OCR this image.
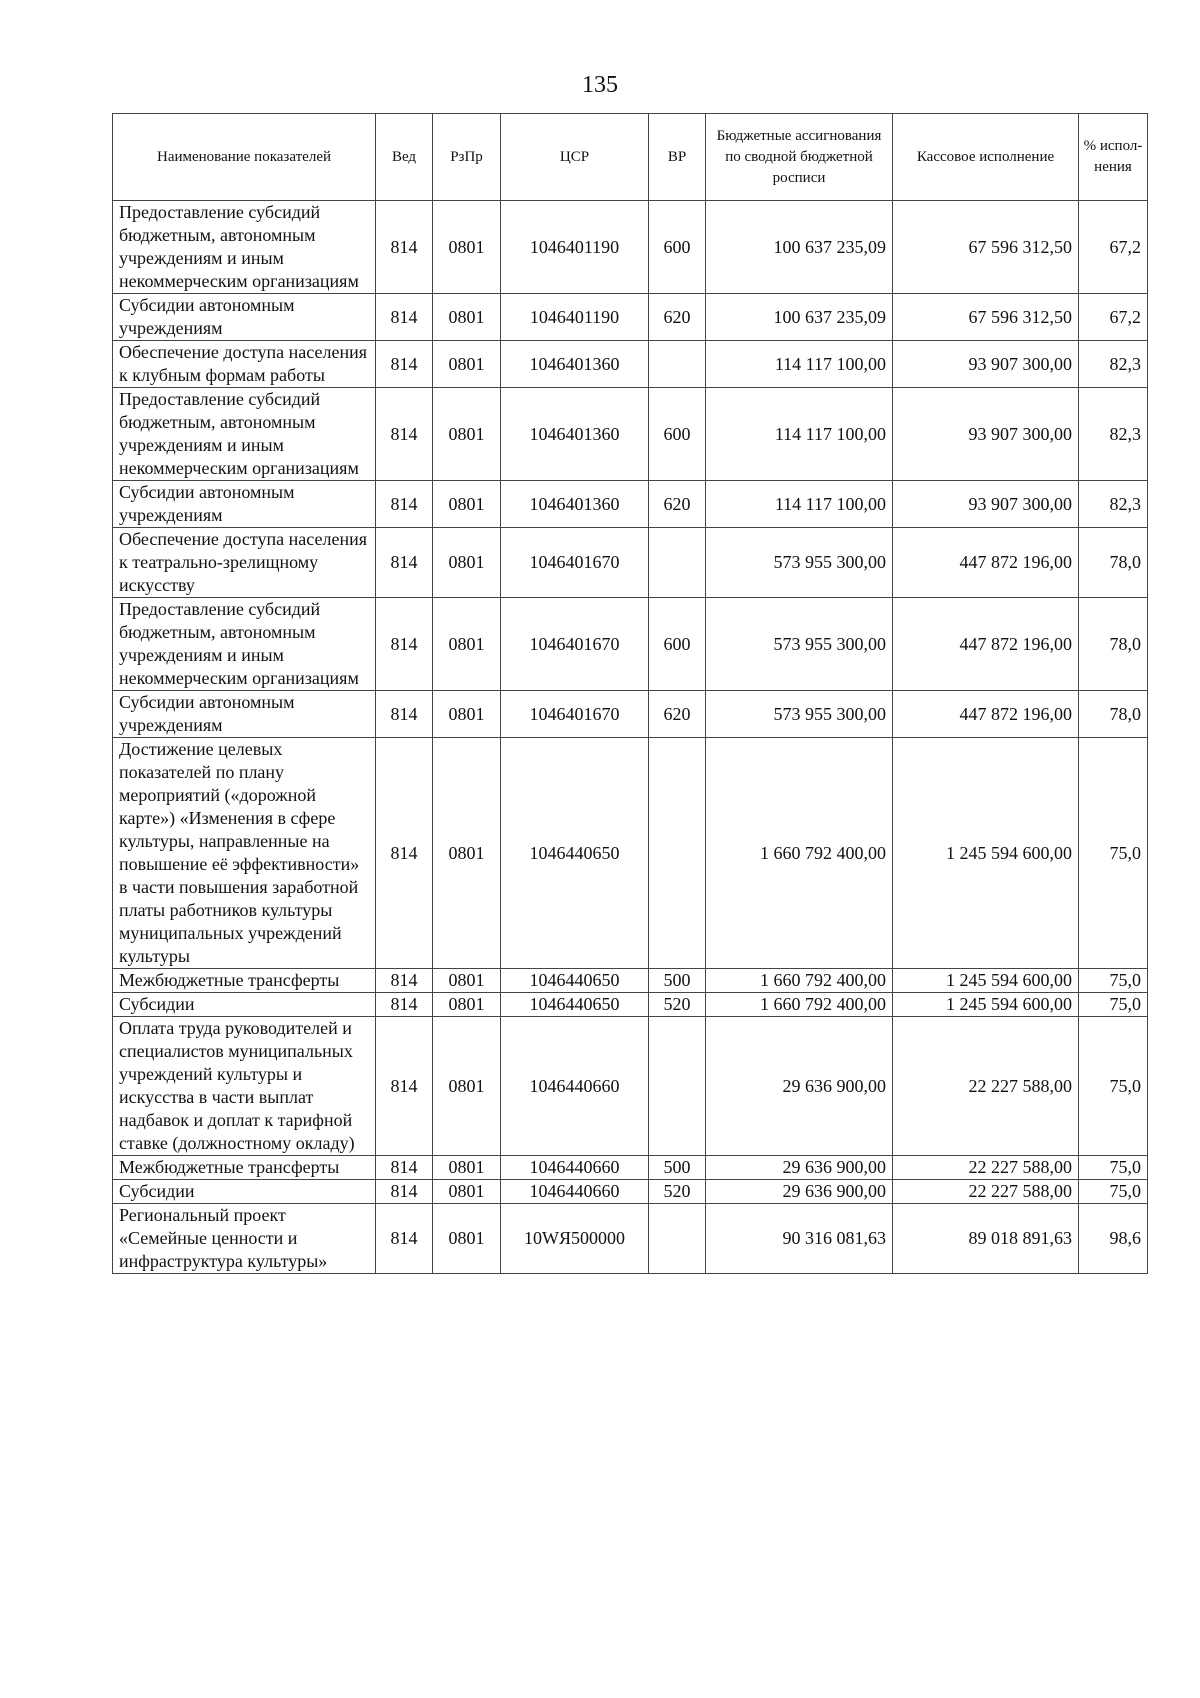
135
Наименование показателей	Вед	РзПр	ЦСР	ВР	Бюджетные ассигнования по сводной бюджетной росписи	Кассовое исполнение	% испол-нения
Предоставление субсидий бюджетным, автономным учреждениям и иным некоммерческим организациям	814	0801	1046401190	600	100 637 235,09	67 596 312,50	67,2
Субсидии автономным учреждениям	814	0801	1046401190	620	100 637 235,09	67 596 312,50	67,2
Обеспечение доступа населения к клубным формам работы	814	0801	1046401360		114 117 100,00	93 907 300,00	82,3
Предоставление субсидий бюджетным, автономным учреждениям и иным некоммерческим организациям	814	0801	1046401360	600	114 117 100,00	93 907 300,00	82,3
Субсидии автономным учреждениям	814	0801	1046401360	620	114 117 100,00	93 907 300,00	82,3
Обеспечение доступа населения к театрально-зрелищному искусству	814	0801	1046401670		573 955 300,00	447 872 196,00	78,0
Предоставление субсидий бюджетным, автономным учреждениям и иным некоммерческим организациям	814	0801	1046401670	600	573 955 300,00	447 872 196,00	78,0
Субсидии автономным учреждениям	814	0801	1046401670	620	573 955 300,00	447 872 196,00	78,0
Достижение целевых показателей по плану мероприятий («дорожной карте») «Изменения в сфере культуры, направленные на повышение её эффективности» в части повышения заработной платы работников культуры муниципальных учреждений культуры	814	0801	1046440650		1 660 792 400,00	1 245 594 600,00	75,0
Межбюджетные трансферты	814	0801	1046440650	500	1 660 792 400,00	1 245 594 600,00	75,0
Субсидии	814	0801	1046440650	520	1 660 792 400,00	1 245 594 600,00	75,0
Оплата труда руководителей и специалистов муниципальных учреждений культуры и искусства в части выплат надбавок и доплат к тарифной ставке (должностному окладу)	814	0801	1046440660		29 636 900,00	22 227 588,00	75,0
Межбюджетные трансферты	814	0801	1046440660	500	29 636 900,00	22 227 588,00	75,0
Субсидии	814	0801	1046440660	520	29 636 900,00	22 227 588,00	75,0
Региональный проект «Семейные ценности и инфраструктура культуры»	814	0801	10WЯ500000		90 316 081,63	89 018 891,63	98,6
